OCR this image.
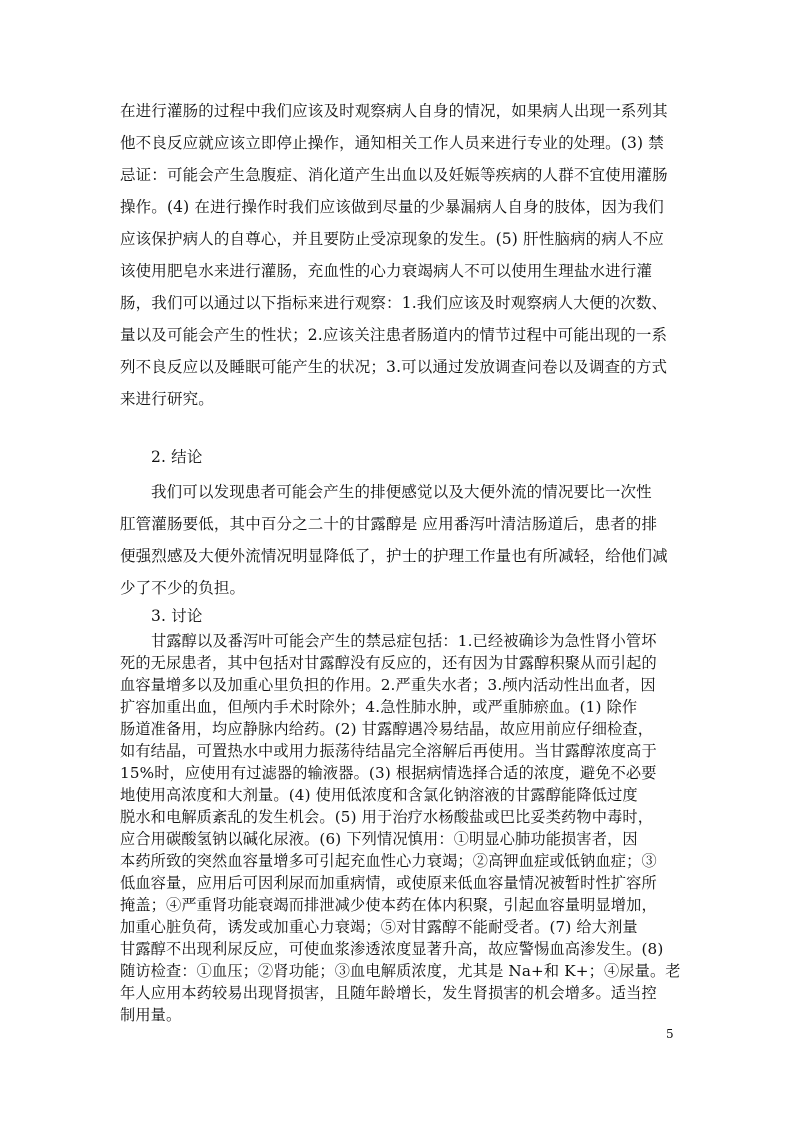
在进行灌肠的过程中我们应该及时观察病人自身的情况，如果病人出现一系列其
他不良反应就应该立即停止操作，通知相关工作人员来进行专业的处理。(3) 禁
忌证：可能会产生急腹症、消化道产生出血以及妊娠等疾病的人群不宜使用灌肠
操作。(4) 在进行操作时我们应该做到尽量的少暴漏病人自身的肢体，因为我们
应该保护病人的自尊心，并且要防止受凉现象的发生。(5) 肝性脑病的病人不应
该使用肥皂水来进行灌肠，充血性的心力衰竭病人不可以使用生理盐水进行灌
肠，我们可以通过以下指标来进行观察：1.我们应该及时观察病人大便的次数、
量以及可能会产生的性状；2.应该关注患者肠道内的情节过程中可能出现的一系
列不良反应以及睡眠可能产生的状况；3.可以通过发放调查问卷以及调查的方式
来进行研究。
2. 结论
我们可以发现患者可能会产生的排便感觉以及大便外流的情况要比一次性
肛管灌肠要低，其中百分之二十的甘露醇是 应用番泻叶清洁肠道后，患者的排
便强烈感及大便外流情况明显降低了，护士的护理工作量也有所减轻，给他们减
少了不少的负担。
3. 讨论
甘露醇以及番泻叶可能会产生的禁忌症包括：1.已经被确诊为急性肾小管坏
死的无尿患者，其中包括对甘露醇没有反应的，还有因为甘露醇积聚从而引起的
血容量增多以及加重心里负担的作用。2.严重失水者；3.颅内活动性出血者，因
扩容加重出血，但颅内手术时除外；4.急性肺水肿，或严重肺瘀血。(1) 除作
肠道准备用，均应静脉内给药。(2) 甘露醇遇冷易结晶，故应用前应仔细检查，
如有结晶，可置热水中或用力振荡待结晶完全溶解后再使用。当甘露醇浓度高于
15%时，应使用有过滤器的输液器。(3) 根据病情选择合适的浓度，避免不必要
地使用高浓度和大剂量。(4) 使用低浓度和含氯化钠溶液的甘露醇能降低过度
脱水和电解质紊乱的发生机会。(5) 用于治疗水杨酸盐或巴比妥类药物中毒时，
应合用碳酸氢钠以碱化尿液。(6) 下列情况慎用：①明显心肺功能损害者，因
本药所致的突然血容量增多可引起充血性心力衰竭；②高钾血症或低钠血症；③
低血容量，应用后可因利尿而加重病情，或使原来低血容量情况被暂时性扩容所
掩盖；④严重肾功能衰竭而排泄减少使本药在体内积聚，引起血容量明显增加，
加重心脏负荷，诱发或加重心力衰竭；⑤对甘露醇不能耐受者。(7) 给大剂量
甘露醇不出现利尿反应，可使血浆渗透浓度显著升高，故应警惕血高渗发生。(8)
随访检查：①血压；②肾功能；③血电解质浓度，尤其是 Na+和 K+；④尿量。老
年人应用本药较易出现肾损害，且随年龄增长，发生肾损害的机会增多。适当控
制用量。
5
